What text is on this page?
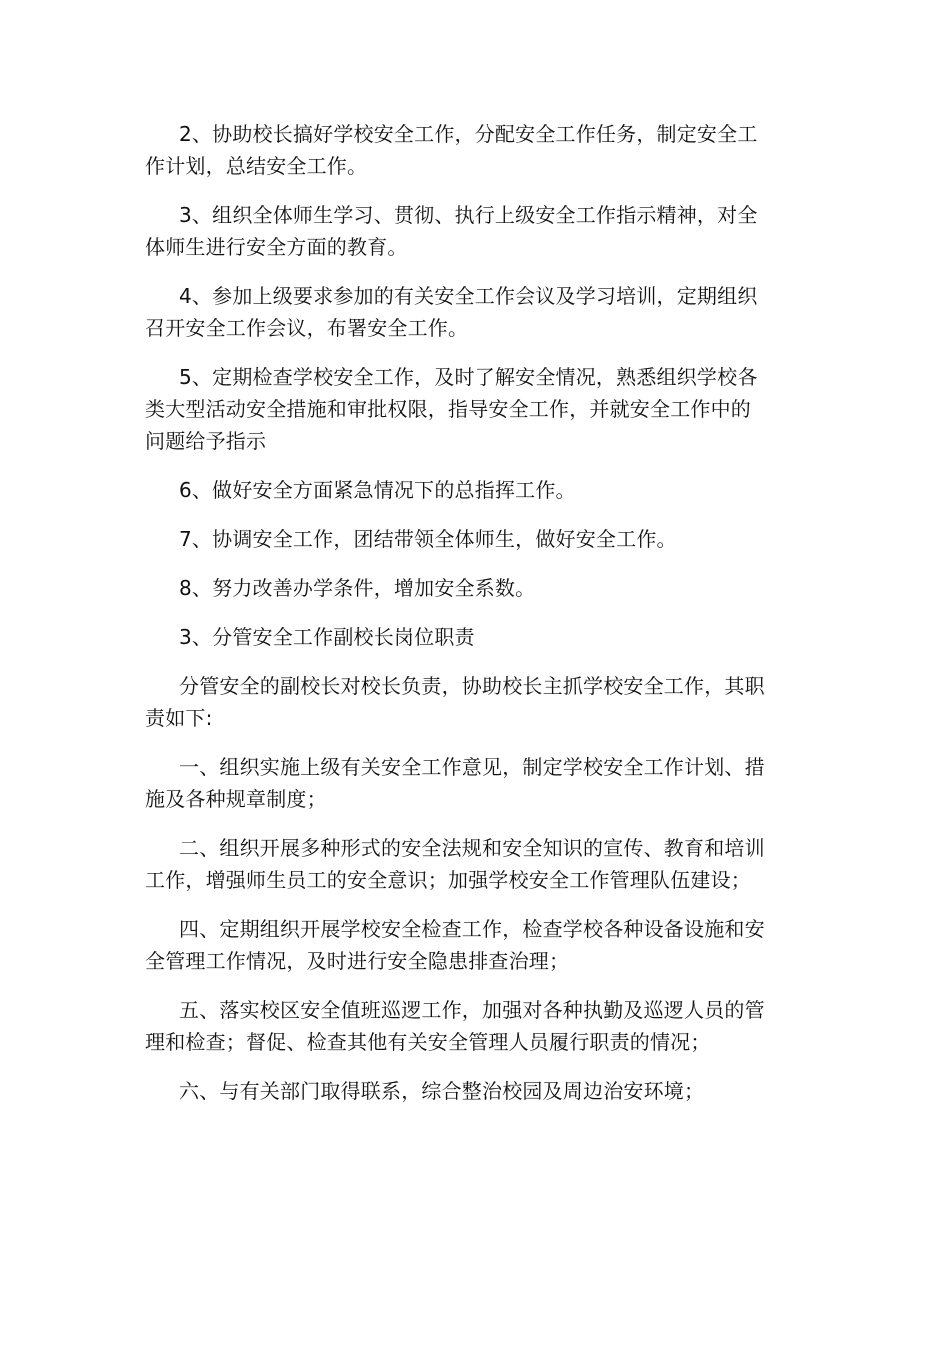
2、协助校长搞好学校安全工作，分配安全工作任务，制定安全工作计划，总结安全工作。

3、组织全体师生学习、贯彻、执行上级安全工作指示精神，对全体师生进行安全方面的教育。

4、参加上级要求参加的有关安全工作会议及学习培训，定期组织召开安全工作会议，布署安全工作。

5、定期检查学校安全工作，及时了解安全情况，熟悉组织学校各类大型活动安全措施和审批权限，指导安全工作，并就安全工作中的问题给予指示

6、做好安全方面紧急情况下的总指挥工作。

7、协调安全工作，团结带领全体师生，做好安全工作。

8、努力改善办学条件，增加安全系数。

3、分管安全工作副校长岗位职责

分管安全的副校长对校长负责，协助校长主抓学校安全工作，其职责如下:

一、组织实施上级有关安全工作意见，制定学校安全工作计划、措施及各种规章制度；

二、组织开展多种形式的安全法规和安全知识的宣传、教育和培训工作，增强师生员工的安全意识；加强学校安全工作管理队伍建设；

四、定期组织开展学校安全检查工作，检查学校各种设备设施和安全管理工作情况，及时进行安全隐患排查治理；

五、落实校区安全值班巡逻工作，加强对各种执勤及巡逻人员的管理和检查；督促、检查其他有关安全管理人员履行职责的情况；

六、与有关部门取得联系，综合整治校园及周边治安环境；
